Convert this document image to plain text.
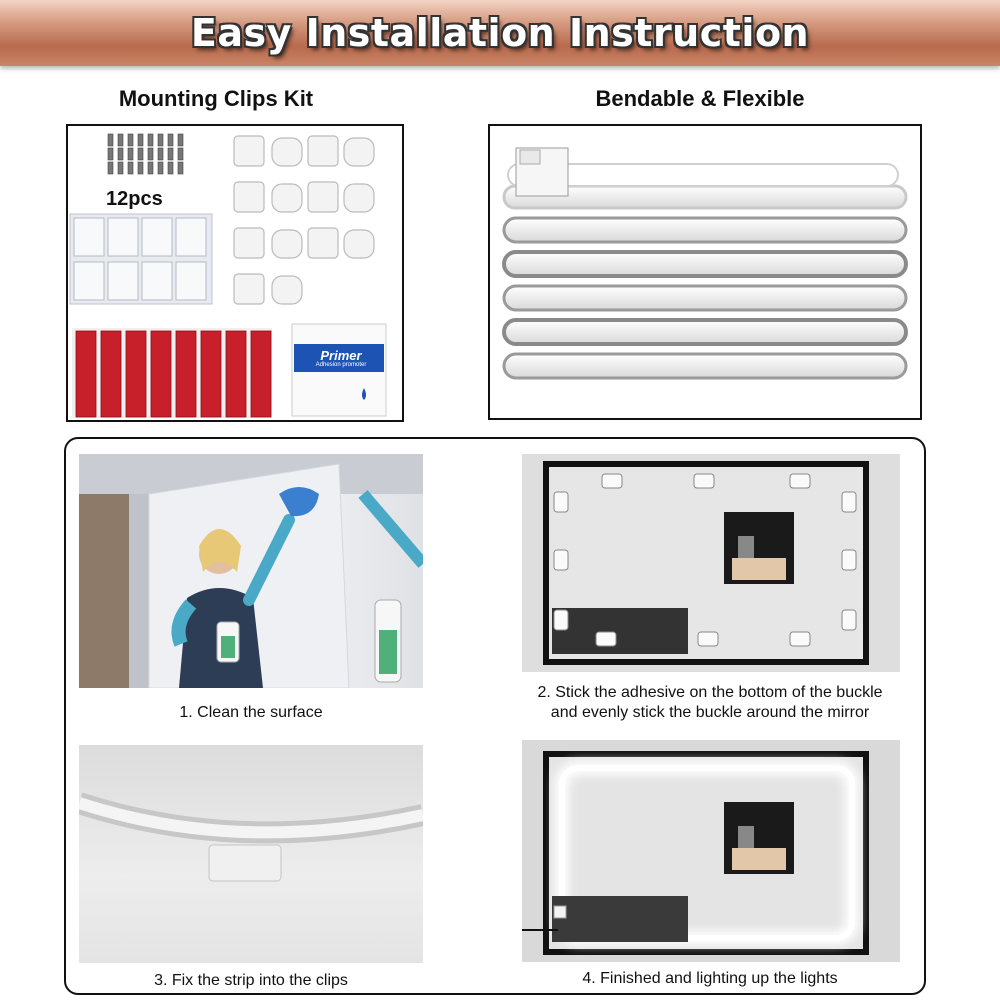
Easy Installation Instruction
Mounting Clips Kit	Bendable & Flexible
12pcs
Primer
Adhesion promoter
1. Clean the surface
2. Stick the adhesive on the bottom of the buckle
and evenly stick the buckle around the mirror
3. Fix the strip into the clips	4. Finished and lighting up the lights
